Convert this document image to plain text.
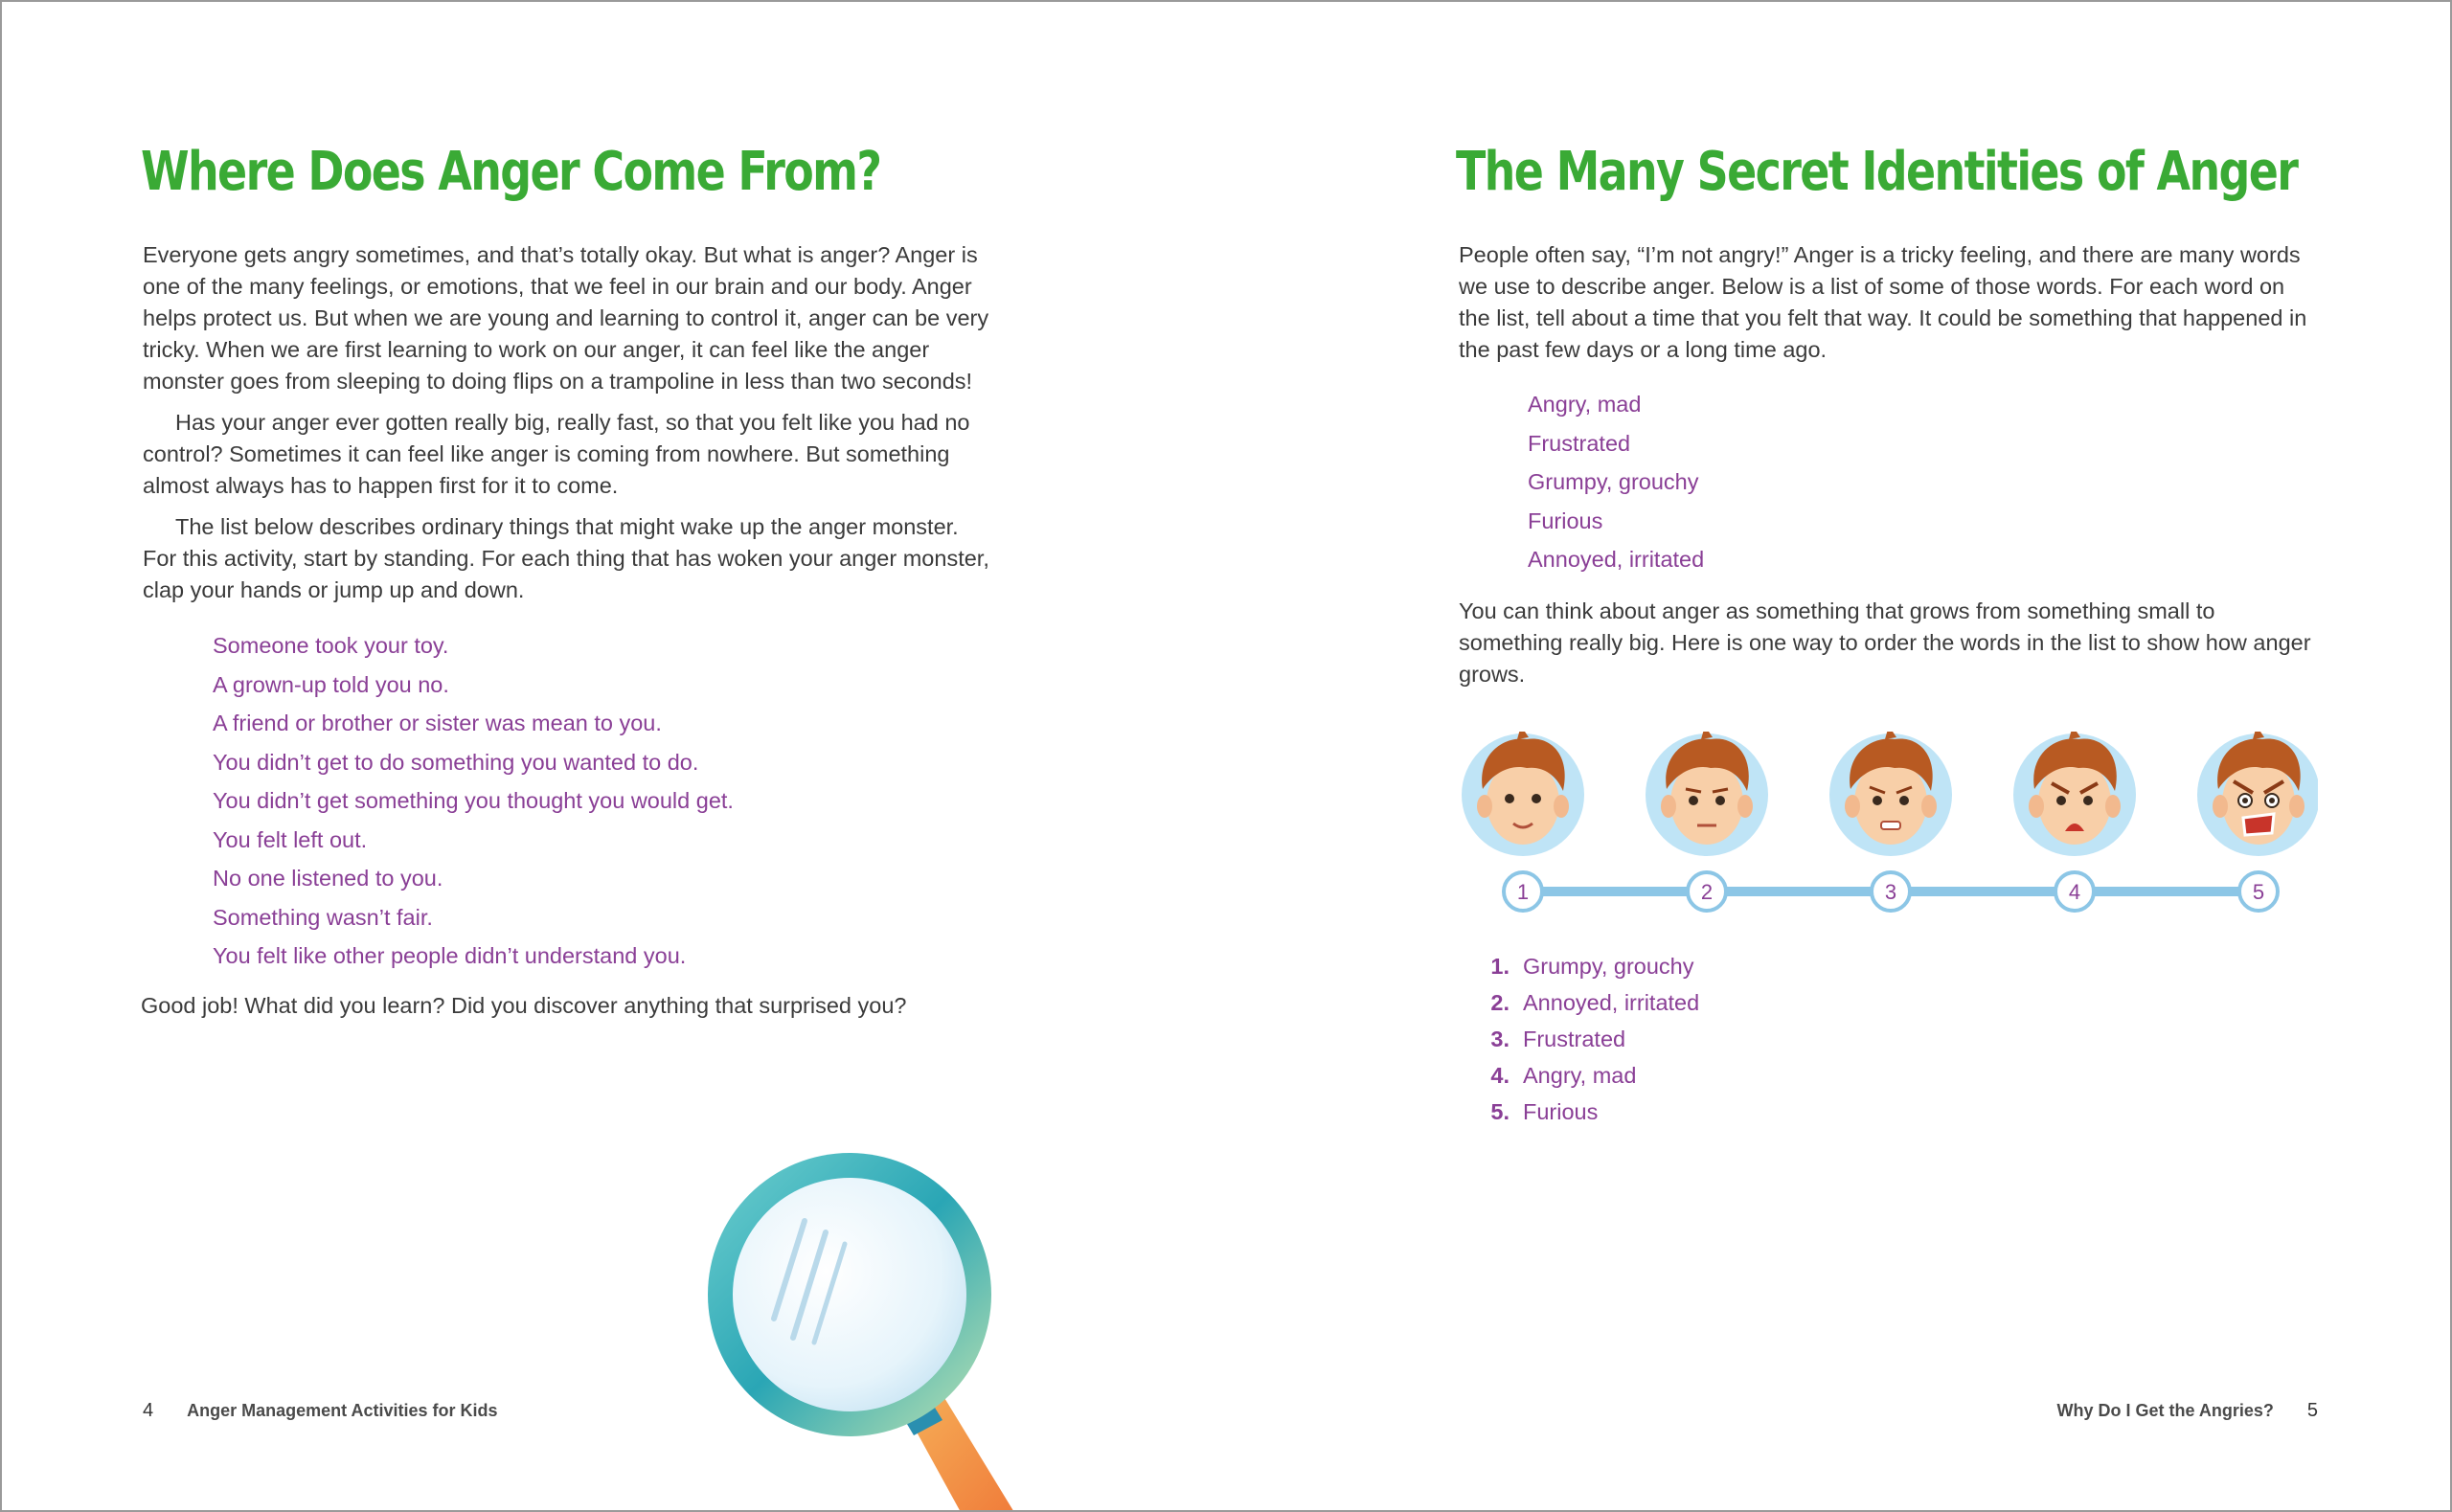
Where Does Anger Come From?

Everyone gets angry sometimes, and that’s totally okay. But what is anger? Anger is one of the many feelings, or emotions, that we feel in our brain and our body. Anger helps protect us. But when we are young and learning to control it, anger can be very tricky. When we are first learning to work on our anger, it can feel like the anger monster goes from sleeping to doing flips on a trampoline in less than two seconds!

Has your anger ever gotten really big, really fast, so that you felt like you had no control? Sometimes it can feel like anger is coming from nowhere. But something almost always has to happen first for it to come.

The list below describes ordinary things that might wake up the anger monster. For this activity, start by standing. For each thing that has woken your anger monster, clap your hands or jump up and down.

Someone took your toy.
A grown-up told you no.
A friend or brother or sister was mean to you.
You didn’t get to do something you wanted to do.
You didn’t get something you thought you would get.
You felt left out.
No one listened to you.
Something wasn’t fair.
You felt like other people didn’t understand you.

Good job! What did you learn? Did you discover anything that surprised you?

4 Anger Management Activities for Kids
The Many Secret Identities of Anger

People often say, “I’m not angry!” Anger is a tricky feeling, and there are many words we use to describe anger. Below is a list of some of those words. For each word on the list, tell about a time that you felt that way. It could be something that happened in the past few days or a long time ago.

Angry, mad
Frustrated
Grumpy, grouchy
Furious
Annoyed, irritated

You can think about anger as something that grows from something small to something really big. Here is one way to order the words in the list to show how anger grows.

1	2	3	4	5
1. Grumpy, grouchy
2. Annoyed, irritated
3. Frustrated
4. Angry, mad
5. Furious
Why Do I Get the Angries? 5
